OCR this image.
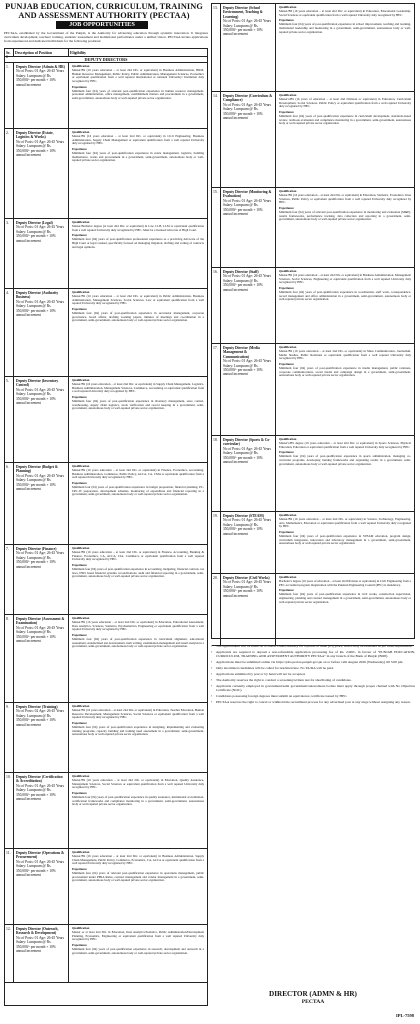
PUNJAB EDUCATION, CURRICULUM, TRAINING AND ASSESSMENT AUTHORITY (PECTAA)
JOB OPPORTUNITIES
PECTAA, established by the Government of the Punjab, is the Authority for advancing education through systemic innovation. It integrates curriculum development, teachers' training, students' assessment and institutional performance under a unified vision. PECTAA invites applications from experienced and dedicated individuals for the following positions:
Sr. #
Description of Position	Eligibility
DEPUTY DIRECTORS
1.	Deputy Director (Admin & HR)
No of Posts: 01 Age: 26-45 Years Salary: Lumpsum @ Rs. 350,000/- per month + 10% annual increment
Qualification
Master/BS (16 years education – at least 2nd Div. or equivalent) in Business Administration, HRM, Human Resource Management, Public Policy, Public Administration, Management Sciences, Economics or equivalent qualification from a well reputed international or national University/ Institution duly recognized by HEC.
Experience
Minimum four (04) years of relevant post-qualification experience in human resource management, personnel administration, office management, establishment matters and procurement in a government, semi-government, autonomous body or well-reputed private sector organization.
2.	Deputy Director (Estate, Logistics & Works)
No of Posts: 01 Age: 26-45 Years Salary: Lumpsum @ Rs. 350,000/- per month + 10% annual increment
Qualification
Master/BS (16 years education – at least 2nd Div. or equivalent) in Civil Engineering, Business Administration, Supply Chain Management or equivalent qualification from a well reputed University duly recognized by HEC.
Experience
Minimum four (04) years of post-qualification experience in estate management, logistics, building maintenance, works and procurement in a government, semi-government, autonomous body or well-reputed private sector organization.
3.	Deputy Director (Legal)
No of Posts: 01 Age: 26-45 Years Salary: Lumpsum @ Rs. 350,000/- per month + 10% annual increment
Qualification
Master/Bachelor degree (at least 2nd Div. or equivalent) in Law, LLB, LLM or equivalent qualification from a well reputed University duly recognized by HEC. Must be a licensed advocate of High Court.
Experience
Minimum four (04) years of post-qualification professional experience as a practicing Advocate of the High Court or legal counsel, specifically focused on managing litigation, drafting and vetting of contracts and legal opinions.
4.	Deputy Director (Authority Business)
No of Posts: 01 Age: 26-45 Years Salary: Lumpsum @ Rs. 350,000/- per month + 10% annual increment
Qualification
Master/BS (16 years education – at least 2nd Div. or equivalent) in Public Administration, Business Administration, Management Sciences, Social Sciences, Law or equivalent qualification from a well reputed University duly recognized by HEC.
Experience
Minimum four (04) years of post-qualification experience in secretariat management, corporate governance, board affairs, drafting working papers, minutes of meetings and coordination in a government, semi-government, autonomous body or well-reputed private sector organization.
5.	Deputy Director (Inventory Control)
No of Posts: 01 Age: 26-45 Years Salary: Lumpsum @ Rs. 350,000/- per month + 10% annual increment
Qualification
Master/BS (16 years education – at least 2nd Div. or equivalent) in Supply Chain Management, Logistics, Business Administration, Management Sciences, Commerce, Accounting or equivalent qualification from a well reputed University duly recognized by HEC.
Experience
Minimum four (04) years of post-qualification experience in inventory management, store control, warehousing, supply chain logistics, stock verification and record keeping in a government, semi-government, autonomous body or well-reputed private sector organization.
6.	Deputy Director (Budget & Planning)
No of Posts: 01 Age: 26-45 Years Salary: Lumpsum @ Rs. 350,000/- per month + 10% annual increment
Qualification
Master/BS (16 years education – at least 2nd Div. or equivalent) in Finance, Economics, Accounting, Business Administration, Commerce, Public Policy, ACCA, CA, CMA or equivalent qualification from a well reputed University duly recognized by HEC.
Experience
Minimum four (04) years of post-qualification experience in budget preparation, financial planning, PC-I/PC-IV preparation, development schemes, monitoring of expenditure and financial reporting in a government, semi-government, autonomous body or well-reputed private sector organization.
7.	Deputy Director (Finance)
No of Posts: 01 Age: 26-45 Years Salary: Lumpsum @ Rs. 350,000/- per month + 10% annual increment
Qualification
Master/BS (16 years education – at least 2nd Div. or equivalent) in Finance, Accounting, Banking & Finance, Economics, CA, ACCA, CIA, Commerce or equivalent qualification from a well reputed University duly recognized by HEC.
Experience
Minimum four (04) years of post-qualification experience in accounting, budgeting, financial controls, tax laws, IFRS based financial systems, reconciliations, audit and financial reporting in a government, semi-government, autonomous body or well-reputed private sector organization.
8.	Deputy Director (Assessment & Examination)
No of Posts: 01 Age: 26-45 Years Salary: Lumpsum @ Rs. 350,000/- per month + 10% annual increment
Qualification
Master/BS (16 years education – at least 2nd Div. or equivalent) in Education, Educational Assessment, Data Analytics, Sciences, Statistics, Psychometrics, Engineering or equivalent qualification from a well reputed University duly recognized by HEC.
Experience
Minimum four (04) years of post-qualification experience in curriculum alignment, educational assessment, standardized test development, item writing, examination management and result analysis in a government, semi-government, autonomous body or well-reputed private sector organization.
9.	Deputy Director (Training)
No of Posts: 02 Age: 26-45 Years Salary: Lumpsum @ Rs. 350,000/- per month + 10% annual increment
Qualification
Master/BS (16 years education – at least 2nd Div. or equivalent) in Education, Teacher Education, Human Resource Development, Management Sciences, Social Sciences or equivalent qualification from a well reputed University duly recognized by HEC.
Experience
Minimum four (04) years of post-qualification experience in designing, implementing and evaluating training programs, capacity building and training need assessment in a government, semi-government, autonomous body or well-reputed private sector organization.
10.	Deputy Director (Certification & Accreditation)
No of Posts: 01 Age: 26-45 Years Salary: Lumpsum @ Rs. 350,000/- per month + 10% annual increment
Qualification
Master/BS (16 years education – at least 2nd Div. or equivalent) in Education, Quality Assurance, Management Sciences, Social Sciences or equivalent qualification from a well reputed University duly recognized by HEC.
Experience
Minimum four (04) years of post-qualification experience in quality assurance, institutional accreditation, certification frameworks and compliance monitoring in a government, semi-government, autonomous body or well-reputed private sector organization.
11.	Deputy Director (Operations & Procurement)
No of Posts: 01 Age: 26-45 Years Salary: Lumpsum @ Rs. 350,000/- per month + 10% annual increment
Qualification
Master/BS (16 years education – at least 2nd Div. or equivalent) in Business Administration, Supply Chain Management, Public Policy, Commerce, Economics, CA, ACCA or equivalent qualification from a well reputed University duly recognized by HEC.
Experience
Minimum four (04) years of relevant post-qualification experience in operations management, public procurement under PPRA Rules, contract management and vendor management in a government, semi-government, autonomous body or well-reputed private sector organization.
12.	Deputy Director (Outreach, Research & Development)
No of Posts: 01 Age: 26-45 Years Salary: Lumpsum @ Rs. 350,000/- per month + 10% annual increment
Qualification
Master or at least 2nd Div. in Education, Data Analytics/Statistics, Public Administration/Development Planning, Economics, Engineering or equivalent qualification from a well reputed University duly recognized by HEC.
Experience
Minimum four (04) years of post-qualification experience in research, development and outreach in a government, semi-government, autonomous body or well-reputed private sector organization.
13.	Deputy Director (School Environment, Teaching & Learning)
No of Posts: 01 Age: 26-45 Years Salary: Lumpsum @ Rs. 350,000/- per month + 10% annual increment
Qualification
Master/BS (16 years education – at least 2nd Div. or equivalent) in Education, Educational Leadership, Social Sciences or equivalent qualification from a well reputed University duly recognized by HEC.
Experience
Minimum four (04) years of post-qualification experience in school improvement, teaching and learning, institutional leadership and monitoring in a government, semi-government, autonomous body or well-reputed private sector organization.
14.	Deputy Director (Curriculum & Compliance)
No of Posts: 01 Age: 26-45 Years Salary: Lumpsum @ Rs. 350,000/- per month + 10% annual increment
Qualification
Master's/BS (16 years of education – at least 2nd Division or equivalent) in Education, Curriculum Development, Social Sciences, Public Policy or equivalent qualification from a well reputed University duly recognized by HEC.
Experience
Minimum four (04) years of post-qualification experience in curriculum development, standards-based review, textbook evaluation and compliance monitoring in a government, semi-government, autonomous body or well-reputed private sector organization.
15.	Deputy Director (Monitoring & Evaluation)
No of Posts: 01 Age: 26-45 Years Salary: Lumpsum @ Rs. 350,000/- per month + 10% annual increment
Qualification
Master/BS (16 years education – at least 2nd Div. or equivalent) in Education, Statistics, Economics, Data Sciences, Public Policy or equivalent qualification from a well reputed University duly recognized by HEC.
Experience
Minimum four (04) years of relevant post-qualification experience in monitoring and evaluation (M&E), results frameworks, performance tracking, data collection and reporting in a government, semi-government, autonomous body or well-reputed private sector organization.
16.	Deputy Director (Staff)
No of Posts: 01 Age: 26-45 Years Salary: Lumpsum @ Rs. 350,000/- per month + 10% annual increment
Qualification
Master/BS (16 years education – at least 2nd Div. or equivalent) in Business Administration, Management Sciences, Social Sciences, Engineering or equivalent qualification from a well reputed University duly recognized by HEC.
Experience
Minimum four (04) years of post-qualification experience in coordination, staff work, correspondence, record management and office administration in a government, semi-government, autonomous body or well-reputed private sector organization.
17.	Deputy Director (Media Management & Communication)
No of Posts: 01 Age: 26-45 Years Salary: Lumpsum @ Rs. 350,000/- per month + 10% annual increment
Qualification
Master/BS (16 years education – at least 2nd Div. or equivalent) in Mass Communication, Journalism, Media Studies, Public Relations or equivalent qualification from a well reputed University duly recognized by HEC.
Experience
Minimum four (04) years of post-qualification experience in media management, public relations, corporate communications, social media and campaign design in a government, semi-government, autonomous body or well-reputed private sector organization.
18.	Deputy Director (Sports & Co-curricular)
No of Posts: 01 Age: 26-45 Years Salary: Lumpsum @ Rs. 350,000/- per month + 10% annual increment
Qualification
Master's/BS degree (16 years education – at least 2nd Div. or equivalent) in Sports Sciences, Physical Education, Education or equivalent qualification from a well reputed University duly recognized by HEC.
Experience
Minimum four (04) years of post-qualification experience in sports administration, managing co-curricular programs, developing training frameworks and organizing events in a government, semi-government, autonomous body or well-reputed private sector organization.
19.	Deputy Director (STEAM)
No of Posts: 01 Age: 26-45 Years Salary: Lumpsum @ Rs. 350,000/- per month + 10% annual increment
Qualification
Master/BS (16 years education – at least 2nd Div. or equivalent) in Science, Technology, Engineering, Arts, Mathematics, Education or equivalent qualification from a well reputed University duly recognized by HEC.
Experience
Minimum four (04) years of post-qualification experience in STEAM education, program design, curriculum integration, innovation and laboratory management in a government, semi-government, autonomous body or well-reputed private sector organization.
20.	Deputy Director (Civil Works)
No of Posts: 01 Age: 26-45 Years Salary: Lumpsum @ Rs. 350,000/- per month + 10% annual increment
Qualification
Bachelor's degree (16 years of education – at least 2nd Division or equivalent) in Civil Engineering from a PEC-accredited program. Registration with the Pakistan Engineering Council (PEC) is mandatory.
Experience
Minimum four (04) years of post-qualification experience in civil works, construction supervision, engineering, planning and contract management in a government, semi-government, autonomous body or well-reputed private sector organization.
• The appointment will be made on a contract basis, initially for a period of three (03) years, which may be extended as per rules/requirement.
• Applicants are required to deposit a non-refundable application processing fee of Rs. 2,000/- in favour of "PUNJAB EDUCATION, CURRICULUM, TRAINING AND ASSESSMENT AUTHORITY PECTAA" in any branch of the Bank of Punjab (BOP).
• Applications must be submitted online via https://jobs.pectaa.punjab.gov.pk on or before 12th August 2026 (Wednesday) till 5:00 pm.
• Only shortlisted candidates will be called for test/interview. No TA/DA will be paid.
• Applications submitted by post or by hand will not be accepted.
• The Authority reserves the right to conduct a screening/written test for shortlisting of candidates.
• Applicants currently employed in government/semi government/autonomous bodies must apply through proper channel with No Objection Certificate (NOC).
• Candidates possessing foreign degrees must submit an equivalence certificate issued by HEC.
• PECTAA reserves the right to cancel or withhold the recruitment process for any advertised post at any stage without assigning any reason.
DIRECTOR (ADMN & HR)
PECTAA
IPL-7598
